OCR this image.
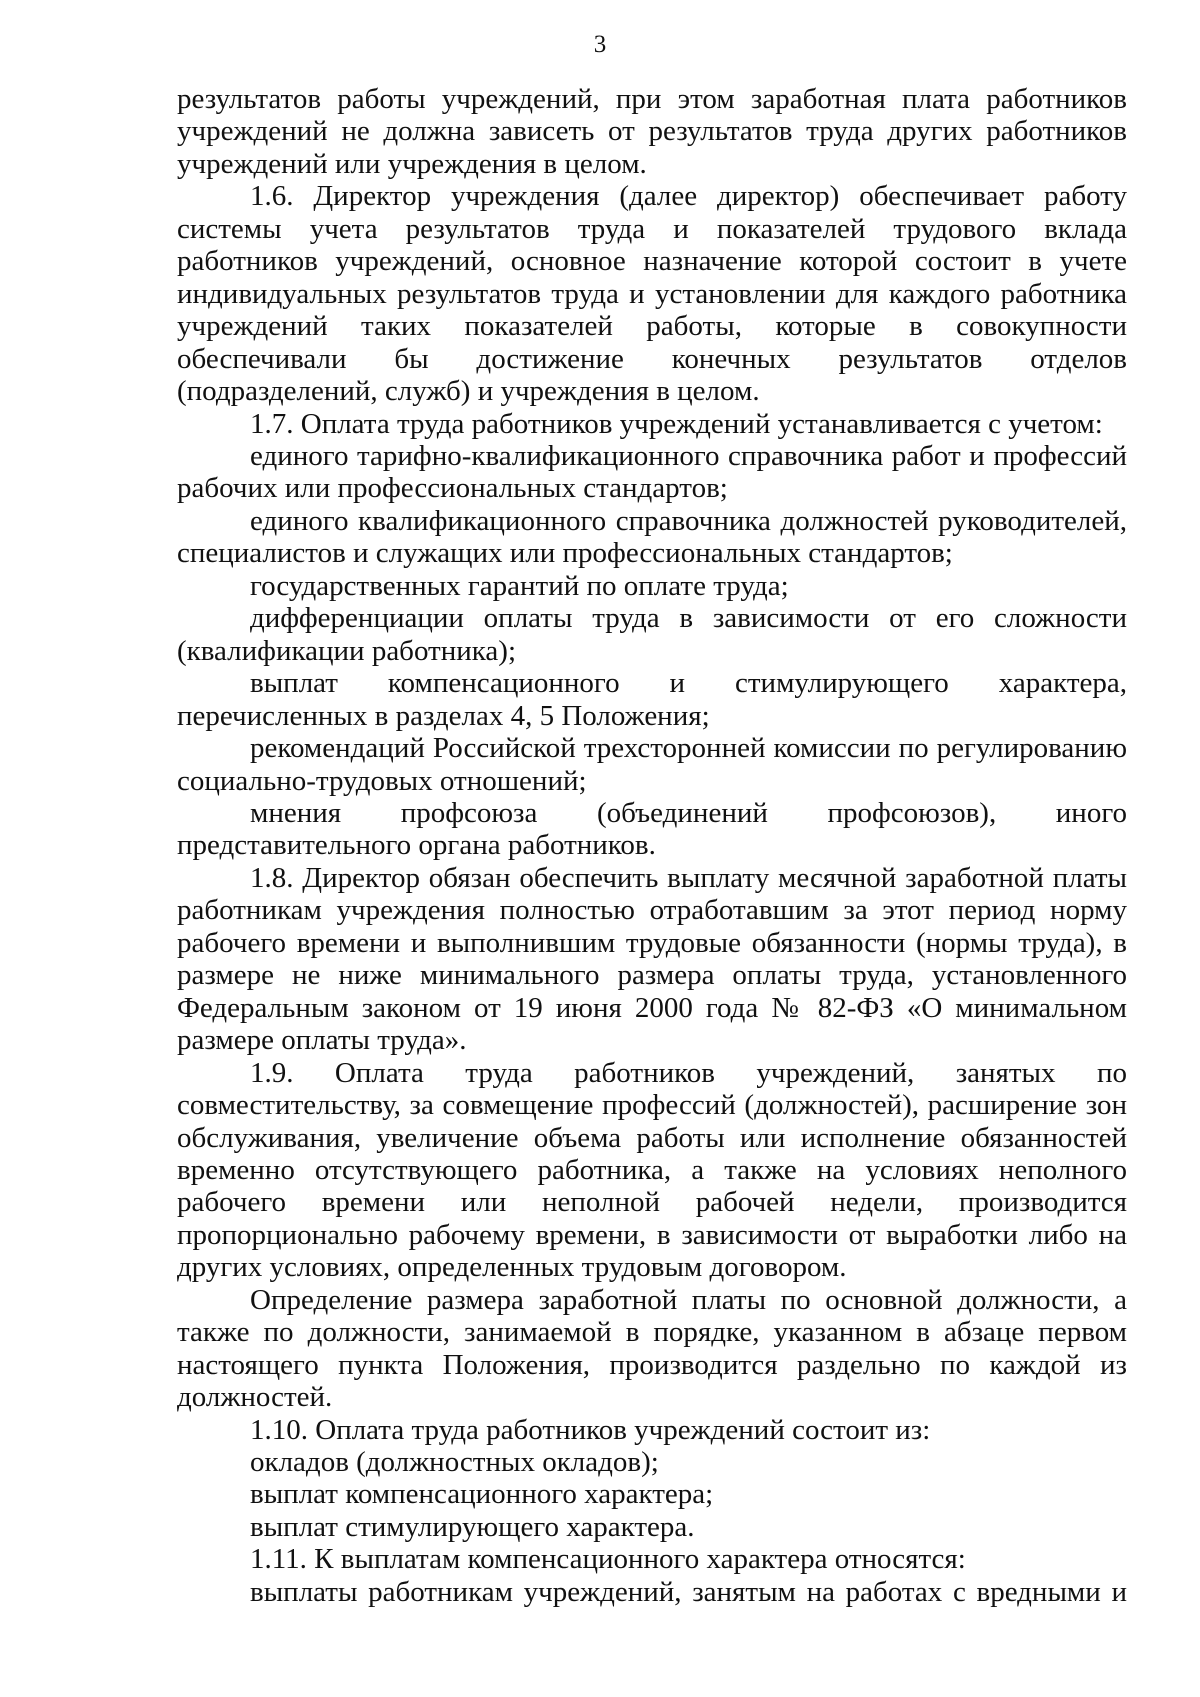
3

результатов работы учреждений, при этом заработная плата работников учреждений не должна зависеть от результатов труда других работников учреждений или учреждения в целом.

1.6. Директор учреждения (далее директор) обеспечивает работу системы учета результатов труда и показателей трудового вклада работников учреждений, основное назначение которой состоит в учете индивидуальных результатов труда и установлении для каждого работника учреждений таких показателей работы, которые в совокупности обеспечивали бы достижение конечных результатов отделов (подразделений, служб) и учреждения в целом.

1.7. Оплата труда работников учреждений устанавливается с учетом:

единого тарифно-квалификационного справочника работ и профессий рабочих или профессиональных стандартов;

единого квалификационного справочника должностей руководителей, специалистов и служащих или профессиональных стандартов;

государственных гарантий по оплате труда;

дифференциации оплаты труда в зависимости от его сложности (квалификации работника);

выплат компенсационного и стимулирующего характера, перечисленных в разделах 4, 5 Положения;

рекомендаций Российской трехсторонней комиссии по регулированию социально-трудовых отношений;

мнения профсоюза (объединений профсоюзов), иного представительного органа работников.

1.8. Директор обязан обеспечить выплату месячной заработной платы работникам учреждения полностью отработавшим за этот период норму рабочего времени и выполнившим трудовые обязанности (нормы труда), в размере не ниже минимального размера оплаты труда, установленного Федеральным законом от 19 июня 2000 года № 82-ФЗ «О минимальном размере оплаты труда».

1.9. Оплата труда работников учреждений, занятых по совместительству, за совмещение профессий (должностей), расширение зон обслуживания, увеличение объема работы или исполнение обязанностей временно отсутствующего работника, а также на условиях неполного рабочего времени или неполной рабочей недели, производится пропорционально рабочему времени, в зависимости от выработки либо на других условиях, определенных трудовым договором.

Определение размера заработной платы по основной должности, а также по должности, занимаемой в порядке, указанном в абзаце первом настоящего пункта Положения, производится раздельно по каждой из должностей.

1.10. Оплата труда работников учреждений состоит из:

окладов (должностных окладов);

выплат компенсационного характера;

выплат стимулирующего характера.

1.11. К выплатам компенсационного характера относятся:

выплаты работникам учреждений, занятым на работах с вредными и
